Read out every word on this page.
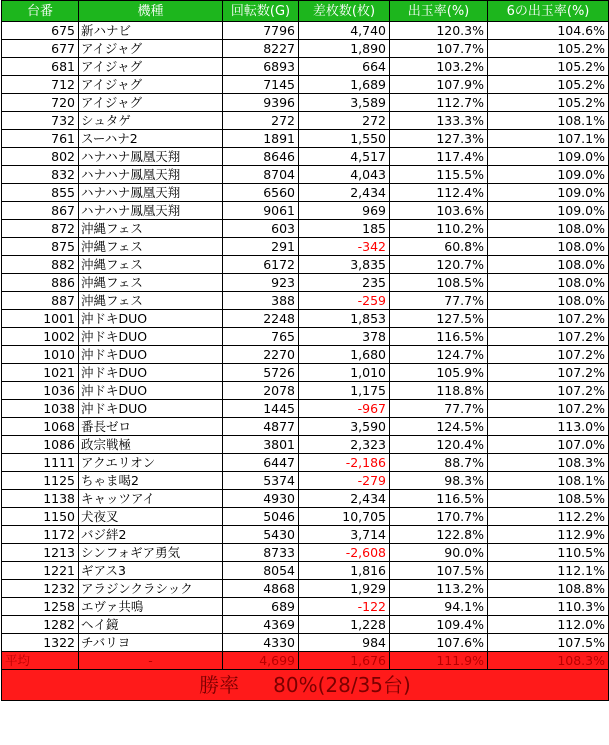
台番	機種	回転数(G)	差枚数(枚)	出玉率(%)	6の出玉率(%)
675	新ハナビ	7796	4,740	120.3%	104.6%
677	アイジャグ	8227	1,890	107.7%	105.2%
681	アイジャグ	6893	664	103.2%	105.2%
712	アイジャグ	7145	1,689	107.9%	105.2%
720	アイジャグ	9396	3,589	112.7%	105.2%
732	シュタゲ	272	272	133.3%	108.1%
761	スーハナ2	1891	1,550	127.3%	107.1%
802	ハナハナ鳳凰天翔	8646	4,517	117.4%	109.0%
832	ハナハナ鳳凰天翔	8704	4,043	115.5%	109.0%
855	ハナハナ鳳凰天翔	6560	2,434	112.4%	109.0%
867	ハナハナ鳳凰天翔	9061	969	103.6%	109.0%
872	沖縄フェス	603	185	110.2%	108.0%
875	沖縄フェス	291	-342	60.8%	108.0%
882	沖縄フェス	6172	3,835	120.7%	108.0%
886	沖縄フェス	923	235	108.5%	108.0%
887	沖縄フェス	388	-259	77.7%	108.0%
1001	沖ドキDUO	2248	1,853	127.5%	107.2%
1002	沖ドキDUO	765	378	116.5%	107.2%
1010	沖ドキDUO	2270	1,680	124.7%	107.2%
1021	沖ドキDUO	5726	1,010	105.9%	107.2%
1036	沖ドキDUO	2078	1,175	118.8%	107.2%
1038	沖ドキDUO	1445	-967	77.7%	107.2%
1068	番長ゼロ	4877	3,590	124.5%	113.0%
1086	政宗戦極	3801	2,323	120.4%	107.0%
1111	アクエリオン	6447	-2,186	88.7%	108.3%
1125	ちゃま喝2	5374	-279	98.3%	108.1%
1138	キャッツアイ	4930	2,434	116.5%	108.5%
1150	犬夜叉	5046	10,705	170.7%	112.2%
1172	バジ絆2	5430	3,714	122.8%	112.9%
1213	シンフォギア勇気	8733	-2,608	90.0%	110.5%
1221	ギアス3	8054	1,816	107.5%	112.1%
1232	アラジンクラシック	4868	1,929	113.2%	108.8%
1258	エヴァ共鳴	689	-122	94.1%	110.3%
1282	ヘイ鏡	4369	1,228	109.4%	112.0%
1322	チバリヨ	4330	984	107.6%	107.5%
平均	-	4,699	1,676	111.9%	108.3%
勝率 80%(28/35台)					
